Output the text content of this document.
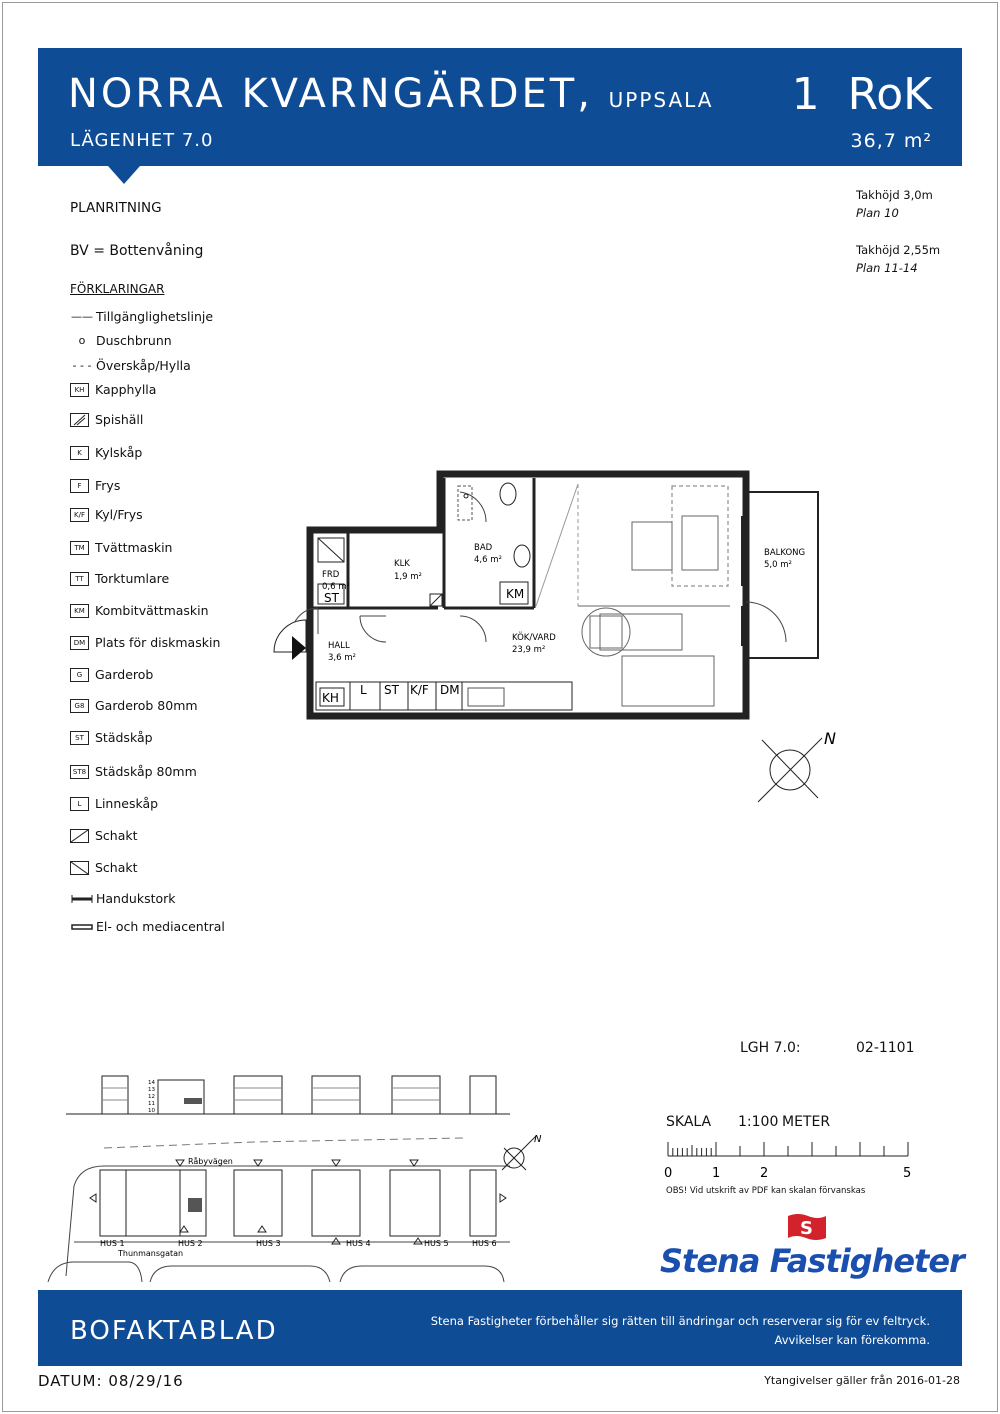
NORRA KVARNGÄRDET, UPPSALA
LÄGENHET 7.0
1 RoK
36,7 m²
PLANRITNING
BV = Bottenvåning
Takhöjd 3,0m
Plan 10
Takhöjd 2,55m
Plan 11-14
FÖRKLARINGAR
—— Tillgänglighetslinje
o Duschbrunn
- - - Överskåp/Hylla
KH Kapphylla
Spishäll
K	Kylskåp
F	Frys
K/F Kyl/Frys
TM Tvättmaskin
TT Torktumlare
KM Kombitvättmaskin
DM Plats för diskmaskin
G	Garderob
G8 Garderob 80mm
ST Städskåp
ST8 Städskåp 80mm
L	Linneskåp
Schakt
Schakt
Handukstork
El- och mediacentral
FRD
0,6 m²
ST
KLK
1,9 m²
BAD
4,6 m²
KM
HALL
3,6 m²
KÖK/VARD
23,9 m²
BALKONG
5,0 m²
KH
L ST K/F DM
N
LGH 7.0:	02-1101
14
13
12
11
10
N
Råbyvägen
Thunmansgatan
HUS 1	HUS 2	HUS 3	HUS 4	HUS 5	HUS 6
SKALA 1:100 METER
0	1	2	5
OBS! Vid utskrift av PDF kan skalan förvanskas
S
Stena Fastigheter
BOFAKTABLAD	Stena Fastigheter förbehåller sig rätten till ändringar och reserverar sig för ev feltryck.
Avvikelser kan förekomma.
DATUM: 08/29/16	Ytangivelser gäller från 2016-01-28
